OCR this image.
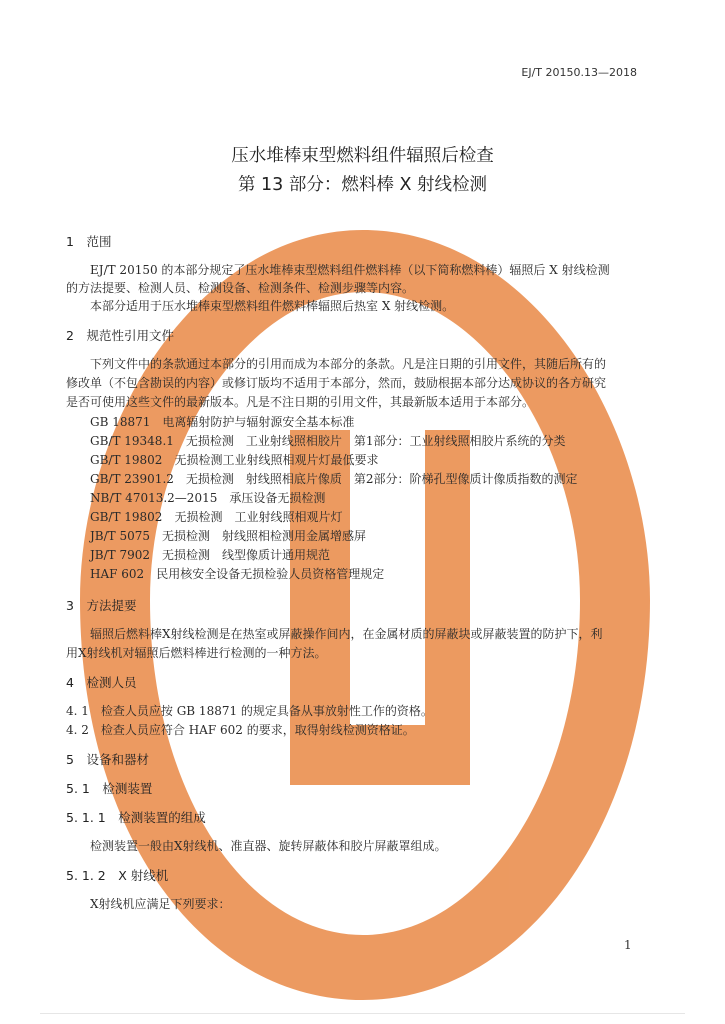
EJ/T 20150.13—2018
压水堆棒束型燃料组件辐照后检查
第 13 部分：燃料棒 X 射线检测
1　范围
EJ/T 20150 的本部分规定了压水堆棒束型燃料组件燃料棒（以下简称燃料棒）辐照后 X 射线检测
的方法提要、检测人员、检测设备、检测条件、检测步骤等内容。
本部分适用于压水堆棒束型燃料组件燃料棒辐照后热室 X 射线检测。
2　规范性引用文件
下列文件中的条款通过本部分的引用而成为本部分的条款。凡是注日期的引用文件，其随后所有的
修改单（不包含勘误的内容）或修订版均不适用于本部分，然而，鼓励根据本部分达成协议的各方研究
是否可使用这些文件的最新版本。凡是不注日期的引用文件，其最新版本适用于本部分。
GB 18871　 电离辐射防护与辐射源安全基本标准
GB/T 19348.1　 无损检测　工业射线照相胶片　第1部分：工业射线照相胶片系统的分类
GB/T 19802　 无损检测工业射线照相观片灯最低要求
GB/T 23901.2　 无损检测　射线照相底片像质　第2部分：阶梯孔型像质计像质指数的测定
NB/T 47013.2—2015　 承压设备无损检测
GB/T 19802　 无损检测　工业射线照相观片灯
JB/T 5075　 无损检测　射线照相检测用金属增感屏
JB/T 7902　 无损检测　线型像质计通用规范
HAF 602　 民用核安全设备无损检验人员资格管理规定
3　方法提要
辐照后燃料棒X射线检测是在热室或屏蔽操作间内，在金属材质的屏蔽块或屏蔽装置的防护下，利
用X射线机对辐照后燃料棒进行检测的一种方法。
4　检测人员
4. 1　检查人员应按 GB 18871 的规定具备从事放射性工作的资格。
4. 2　检查人员应符合 HAF 602 的要求，取得射线检测资格证。
5　设备和器材
5. 1　检测装置
5. 1. 1　检测装置的组成
检测装置一般由X射线机、准直器、旋转屏蔽体和胶片屏蔽罩组成。
5. 1. 2　X 射线机
X射线机应满足下列要求：
1
